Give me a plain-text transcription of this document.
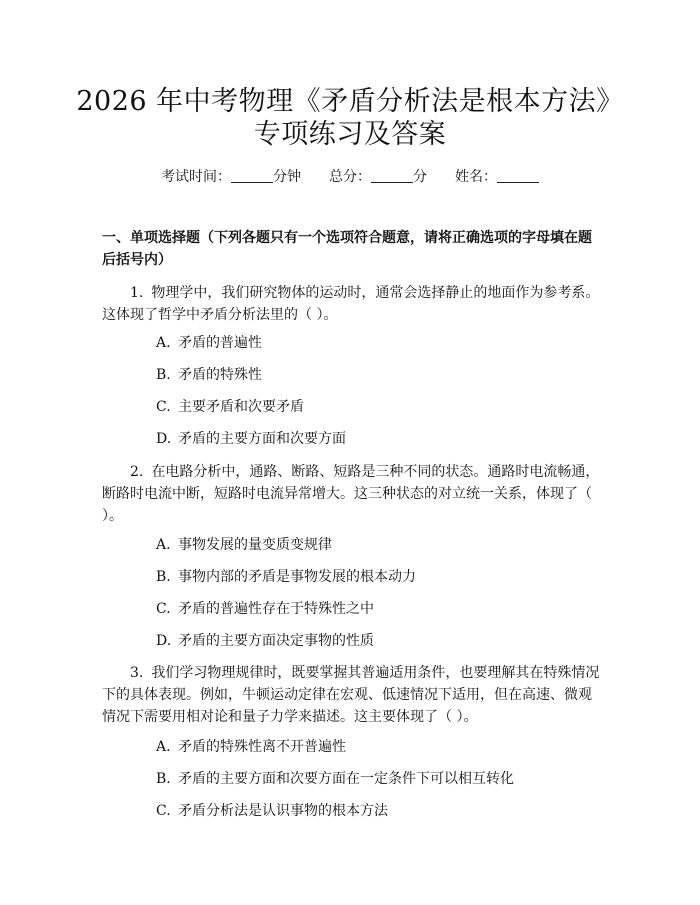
2026 年中考物理《矛盾分析法是根本方法》
专项练习及答案
考试时间：	分钟 总分：	分 姓名：
一、单项选择题（下列各题只有一个选项符合题意，请将正确选项的字母填在题后括号内）
1. 物理学中，我们研究物体的运动时，通常会选择静止的地面作为参考系。这体现了哲学中矛盾分析法里的（ ）。
A. 矛盾的普遍性
B. 矛盾的特殊性
C. 主要矛盾和次要矛盾
D. 矛盾的主要方面和次要方面
2. 在电路分析中，通路、断路、短路是三种不同的状态。通路时电流畅通，断路时电流中断，短路时电流异常增大。这三种状态的对立统一关系，体现了（ ）。
A. 事物发展的量变质变规律
B. 事物内部的矛盾是事物发展的根本动力
C. 矛盾的普遍性存在于特殊性之中
D. 矛盾的主要方面决定事物的性质
3. 我们学习物理规律时，既要掌握其普遍适用条件，也要理解其在特殊情况下的具体表现。例如，牛顿运动定律在宏观、低速情况下适用，但在高速、微观情况下需要用相对论和量子力学来描述。这主要体现了（ ）。
A. 矛盾的特殊性离不开普遍性
B. 矛盾的主要方面和次要方面在一定条件下可以相互转化
C. 矛盾分析法是认识事物的根本方法
